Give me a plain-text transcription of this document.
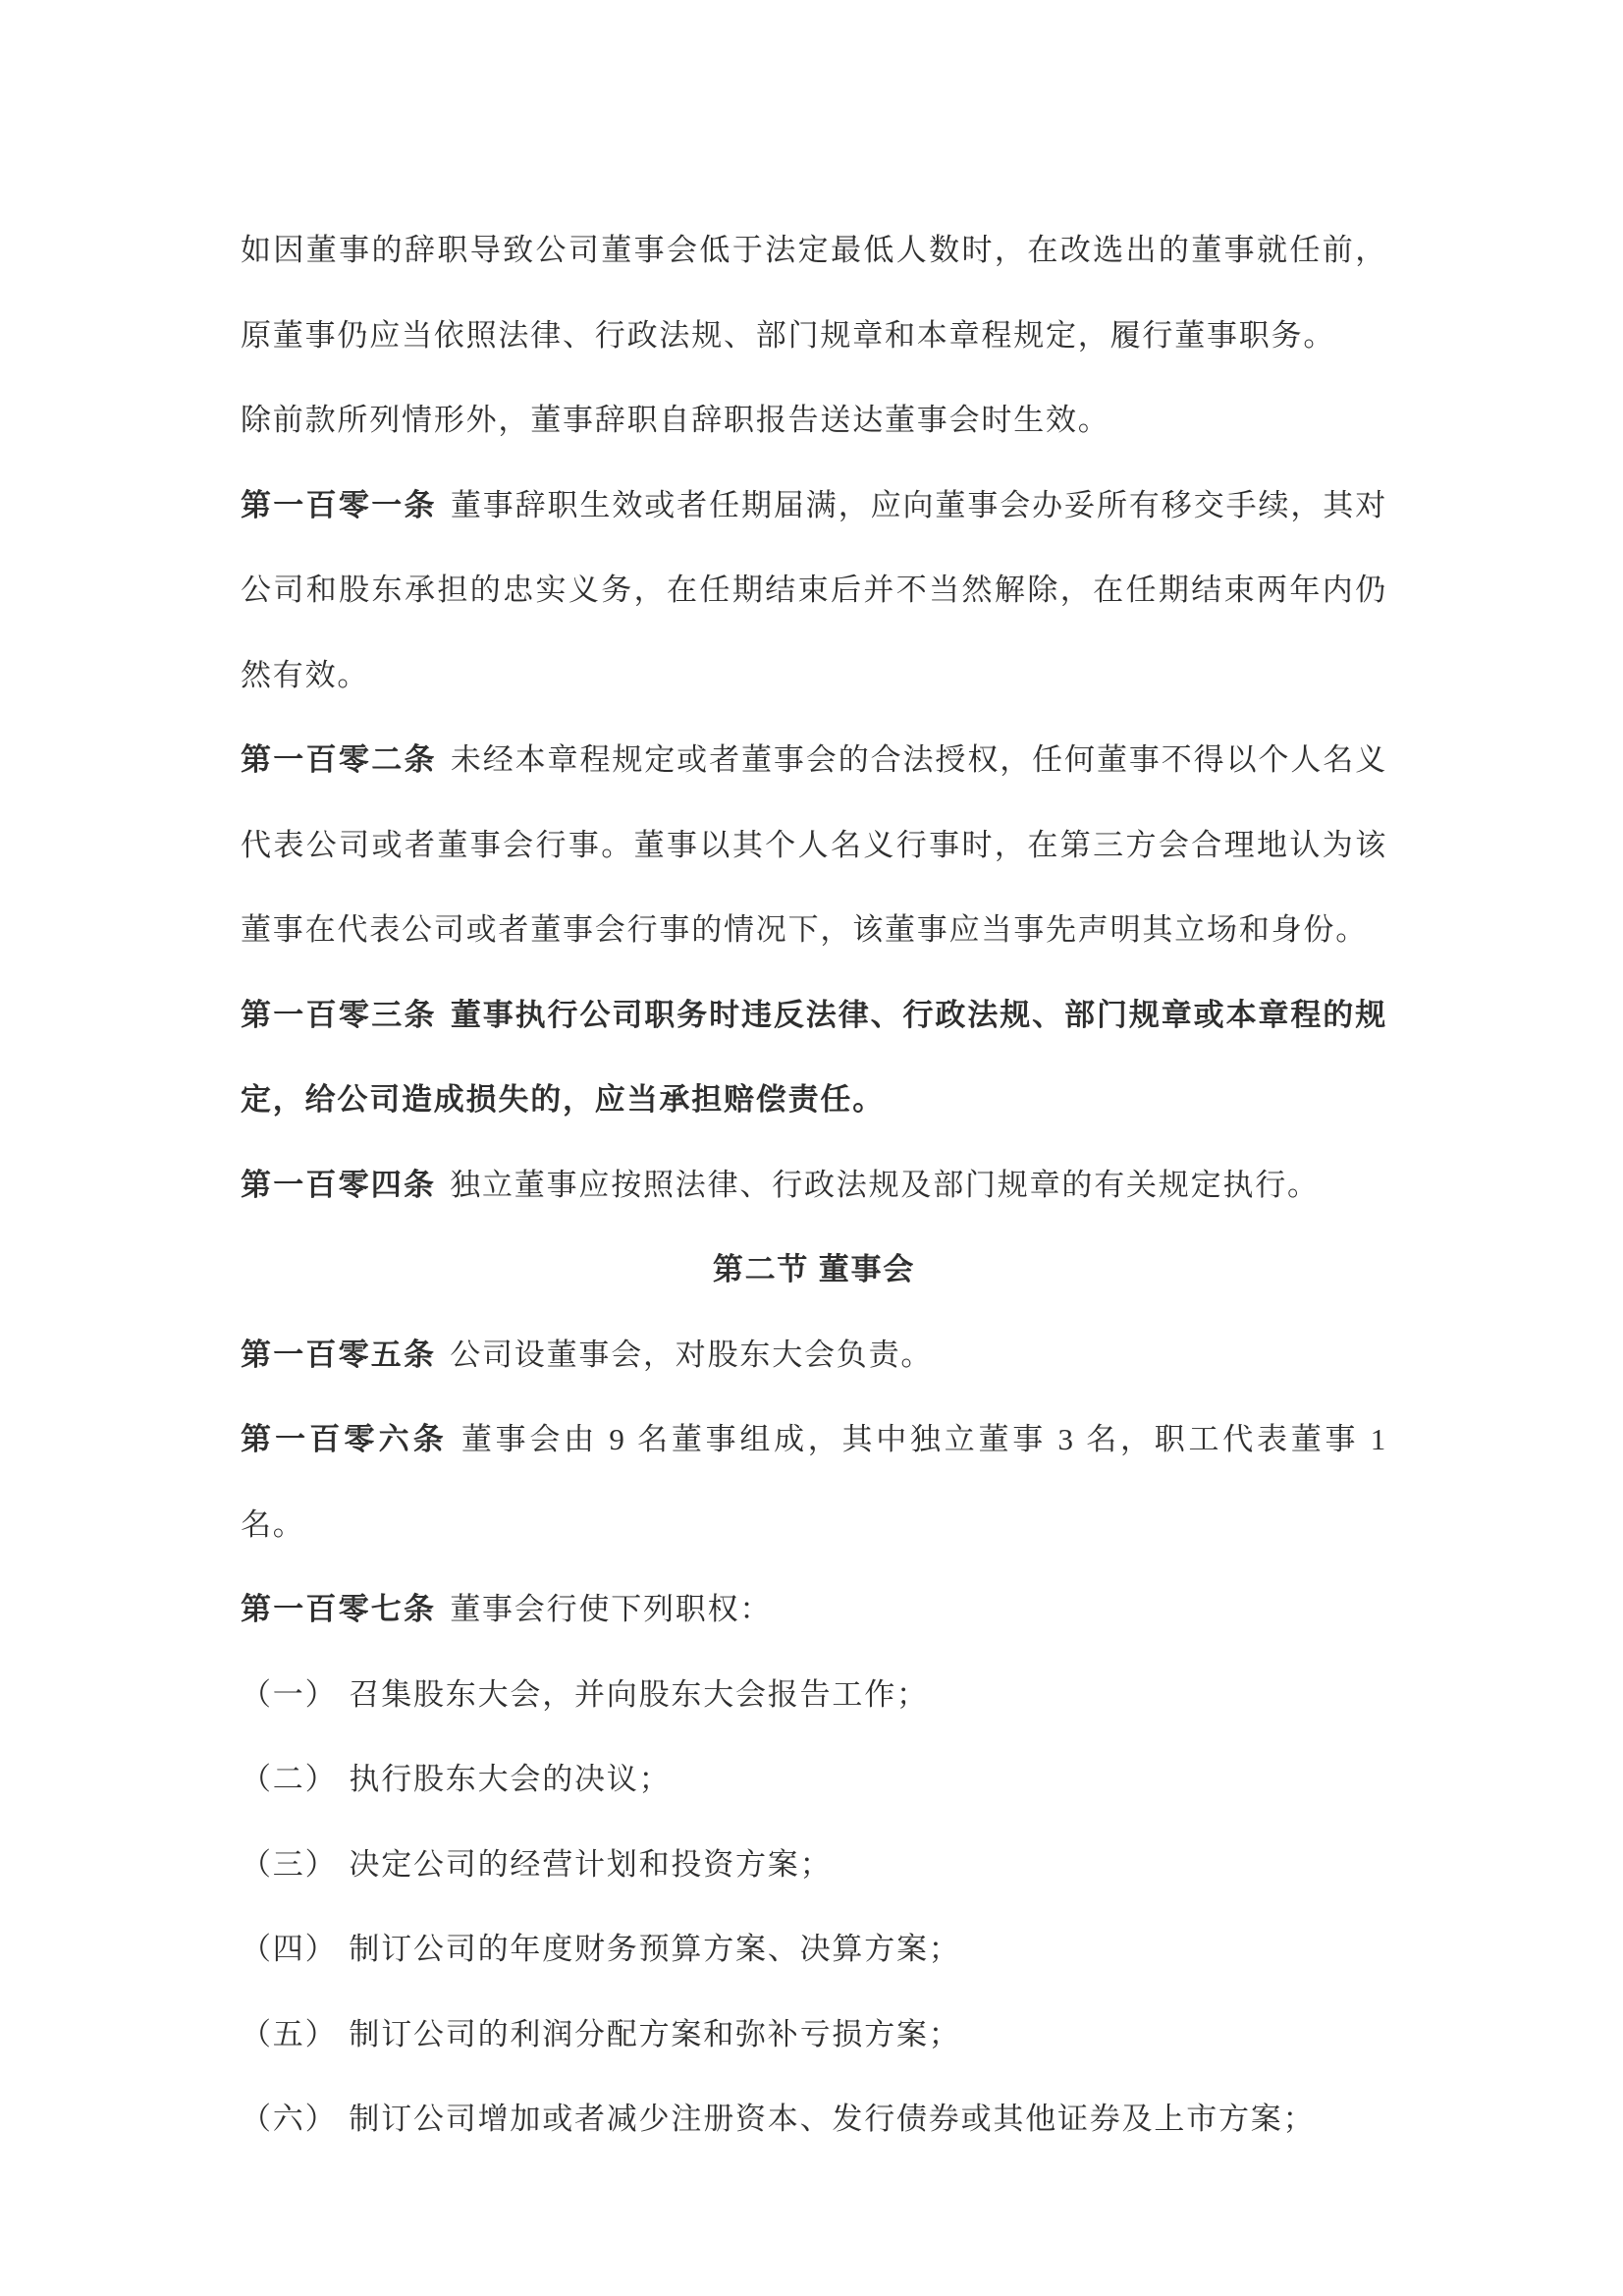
如因董事的辞职导致公司董事会低于法定最低人数时，在改选出的董事就任前，原董事仍应当依照法律、行政法规、部门规章和本章程规定，履行董事职务。

除前款所列情形外，董事辞职自辞职报告送达董事会时生效。

第一百零一条 董事辞职生效或者任期届满，应向董事会办妥所有移交手续，其对公司和股东承担的忠实义务，在任期结束后并不当然解除，在任期结束两年内仍然有效。

第一百零二条 未经本章程规定或者董事会的合法授权，任何董事不得以个人名义代表公司或者董事会行事。董事以其个人名义行事时，在第三方会合理地认为该董事在代表公司或者董事会行事的情况下，该董事应当事先声明其立场和身份。

第一百零三条 董事执行公司职务时违反法律、行政法规、部门规章或本章程的规定，给公司造成损失的，应当承担赔偿责任。

第一百零四条 独立董事应按照法律、行政法规及部门规章的有关规定执行。

第二节 董事会

第一百零五条 公司设董事会，对股东大会负责。

第一百零六条 董事会由 9 名董事组成，其中独立董事 3 名，职工代表董事 1 名。

第一百零七条 董事会行使下列职权：

（一） 召集股东大会，并向股东大会报告工作；

（二） 执行股东大会的决议；

（三） 决定公司的经营计划和投资方案；

（四） 制订公司的年度财务预算方案、决算方案；

（五） 制订公司的利润分配方案和弥补亏损方案；

（六） 制订公司增加或者减少注册资本、发行债券或其他证券及上市方案；
